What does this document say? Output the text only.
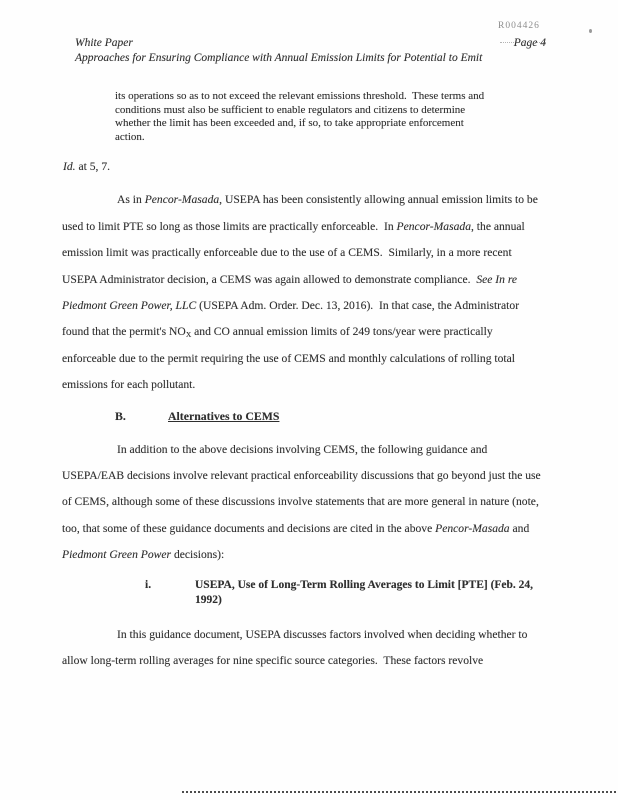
R004426
White Paper	Page 4
Approaches for Ensuring Compliance with Annual Emission Limits for Potential to Emit
its operations so as to not exceed the relevant emissions threshold.  These terms and conditions must also be sufficient to enable regulators and citizens to determine whether the limit has been exceeded and, if so, to take appropriate enforcement action.

Id. at 5, 7.

As in Pencor-Masada, USEPA has been consistently allowing annual emission limits to be used to limit PTE so long as those limits are practically enforceable.  In Pencor-Masada, the annual emission limit was practically enforceable due to the use of a CEMS.  Similarly, in a more recent USEPA Administrator decision, a CEMS was again allowed to demonstrate compliance.  See In re Piedmont Green Power, LLC (USEPA Adm. Order. Dec. 13, 2016).  In that case, the Administrator found that the permit's $NO_X$ and CO annual emission limits of 249 tons/year were practically enforceable due to the permit requiring the use of CEMS and monthly calculations of rolling total emissions for each pollutant.

B.	Alternatives to CEMS

In addition to the above decisions involving CEMS, the following guidance and USEPA/EAB decisions involve relevant practical enforceability discussions that go beyond just the use of CEMS, although some of these discussions involve statements that are more general in nature (note, too, that some of these guidance documents and decisions are cited in the above Pencor-Masada and Piedmont Green Power decisions):

i.	USEPA, Use of Long-Term Rolling Averages to Limit [PTE] (Feb. 24, 1992)

In this guidance document, USEPA discusses factors involved when deciding whether to allow long-term rolling averages for nine specific source categories.  These factors revolve
